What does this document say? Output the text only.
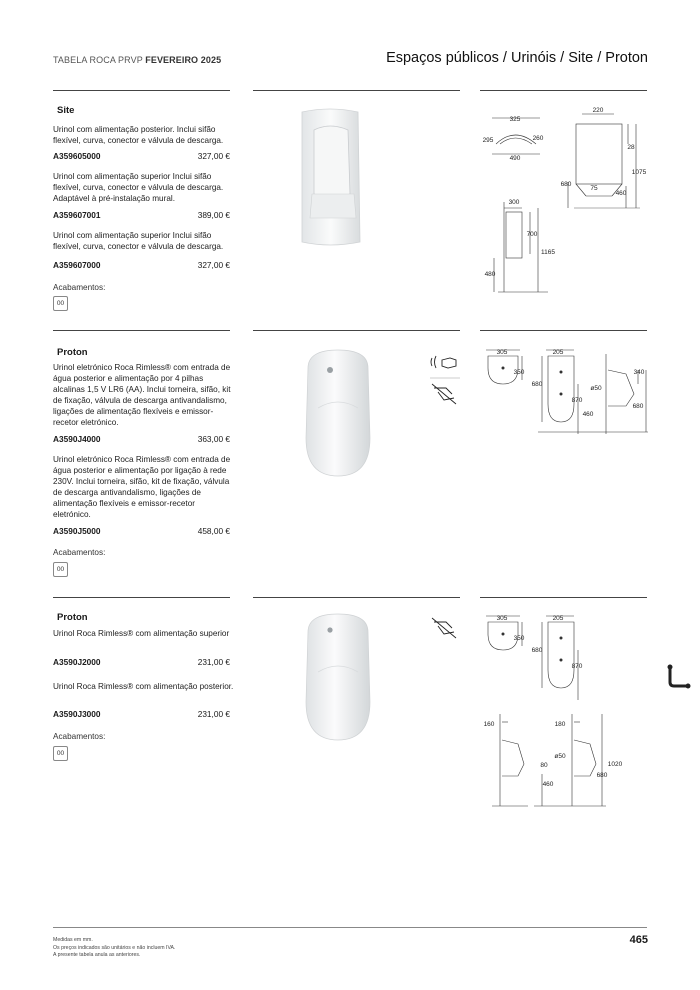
TABELA ROCA PRVP FEVEREIRO 2025	Espaços públicos / Urinóis / Site / Proton
Site
Urinol com alimentação posterior. Inclui sifão flexível, curva, conector e válvula de descarga.
A359605000	327,00 €
Urinol com alimentação superior Inclui sifão flexível, curva, conector e válvula de descarga. Adaptável à pré-instalação mural.
A359607001	389,00 €
Urinol com alimentação superior Inclui sifão flexível, curva, conector e válvula de descarga.
A359607000	327,00 €
Acabamentos:
00
325
295	260
490
220
28
680
75
1075
460
300
700
1165
480
Proton
Urinol eletrónico Roca Rimless® com entrada de água posterior e alimentação por 4 pilhas alcalinas 1,5 V LR6 (AA). Inclui torneira, sifão, kit de fixação, válvula de descarga antivandalismo, ligações de alimentação flexíveis e emissor-recetor eletrónico.
A3590J4000	363,00 €
Urinol eletrónico Roca Rimless® com entrada de água posterior e alimentação por ligação à rede 230V. Inclui torneira, sifão, kit de fixação, válvula de descarga antivandalismo, ligações de alimentação flexíveis e emissor-recetor eletrónico.
A3590J5000	458,00 €
Acabamentos:
00
305	205
350
680
ø50
870
460
340
680
Proton
Urinol Roca Rimless® com alimentação superior
A3590J2000	231,00 €
Urinol Roca Rimless® com alimentação posterior.
A3590J3000	231,00 €
Acabamentos:
00
305	205
350
680
870
160	180
ø50
80	1020
680
460
Medidas em mm.
Os preços indicados são unitários e não incluem IVA.
A presente tabela anula as anteriores.
465
